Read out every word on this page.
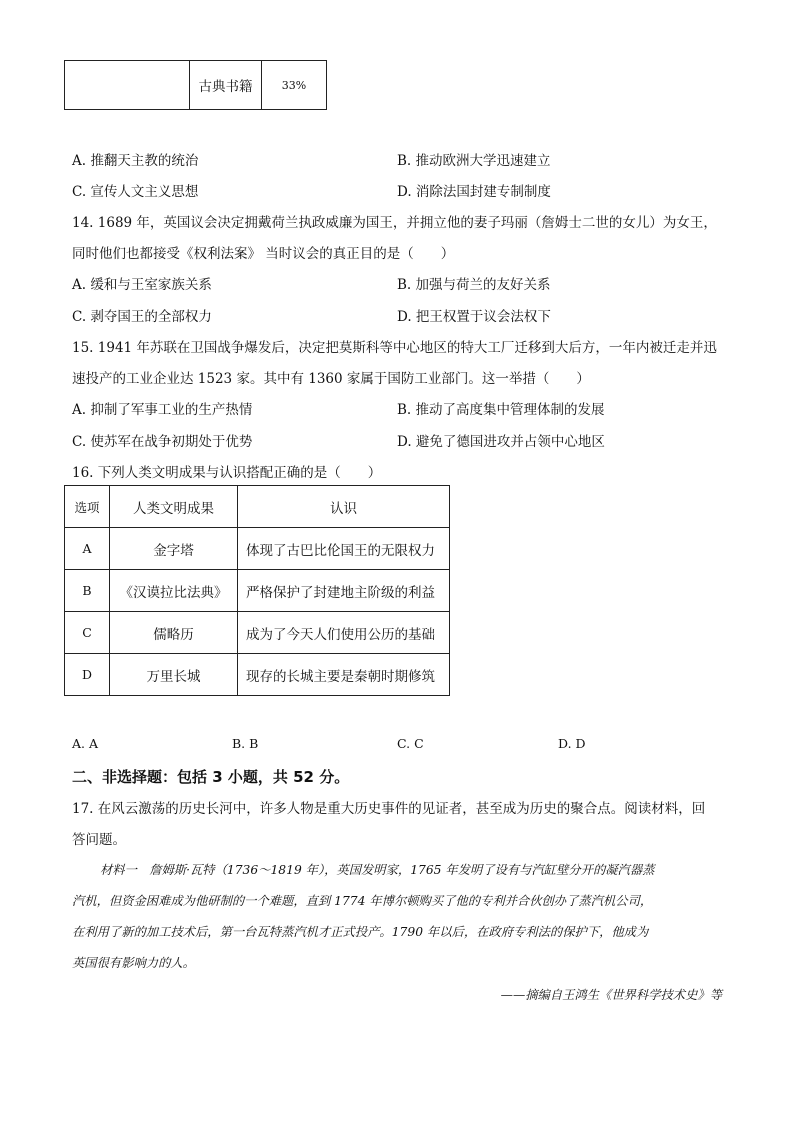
	古典书籍	33%
A. 推翻天主教的统治	B. 推动欧洲大学迅速建立
C. 宣传人文主义思想	D. 消除法国封建专制制度
14. 1689 年，英国议会决定拥戴荷兰执政威廉为国王，并拥立他的妻子玛丽（詹姆士二世的女儿）为女王，
同时他们也都接受《权利法案》 当时议会的真正目的是（　　）
A. 缓和与王室家族关系	B. 加强与荷兰的友好关系
C. 剥夺国王的全部权力	D. 把王权置于议会法权下
15. 1941 年苏联在卫国战争爆发后，决定把莫斯科等中心地区的特大工厂迁移到大后方，一年内被迁走并迅
速投产的工业企业达 1523 家。其中有 1360 家属于国防工业部门。这一举措（　　）
A. 抑制了军事工业的生产热情	B. 推动了高度集中管理体制的发展
C. 使苏军在战争初期处于优势	D. 避免了德国进攻并占领中心地区
16. 下列人类文明成果与认识搭配正确的是（　　）
选项	人类文明成果	认识
A	金字塔	体现了古巴比伦国王的无限权力
B	《汉谟拉比法典》	严格保护了封建地主阶级的利益
C	儒略历	成为了今天人们使用公历的基础
D	万里长城	现存的长城主要是秦朝时期修筑
A. A	B. B	C. C	D. D
二、非选择题：包括 3 小题，共 52 分。
17. 在风云激荡的历史长河中，许多人物是重大历史事件的见证者，甚至成为历史的聚合点。阅读材料，回
答问题。
材料一　詹姆斯·瓦特（1736～1819 年），英国发明家，1765 年发明了设有与汽缸壁分开的凝汽器蒸
汽机，但资金困难成为他研制的一个难题，直到 1774 年博尔顿购买了他的专利并合伙创办了蒸汽机公司，
在利用了新的加工技术后，第一台瓦特蒸汽机才正式投产。1790 年以后，在政府专利法的保护下，他成为
英国很有影响力的人。
——摘编自王鸿生《世界科学技术史》等
